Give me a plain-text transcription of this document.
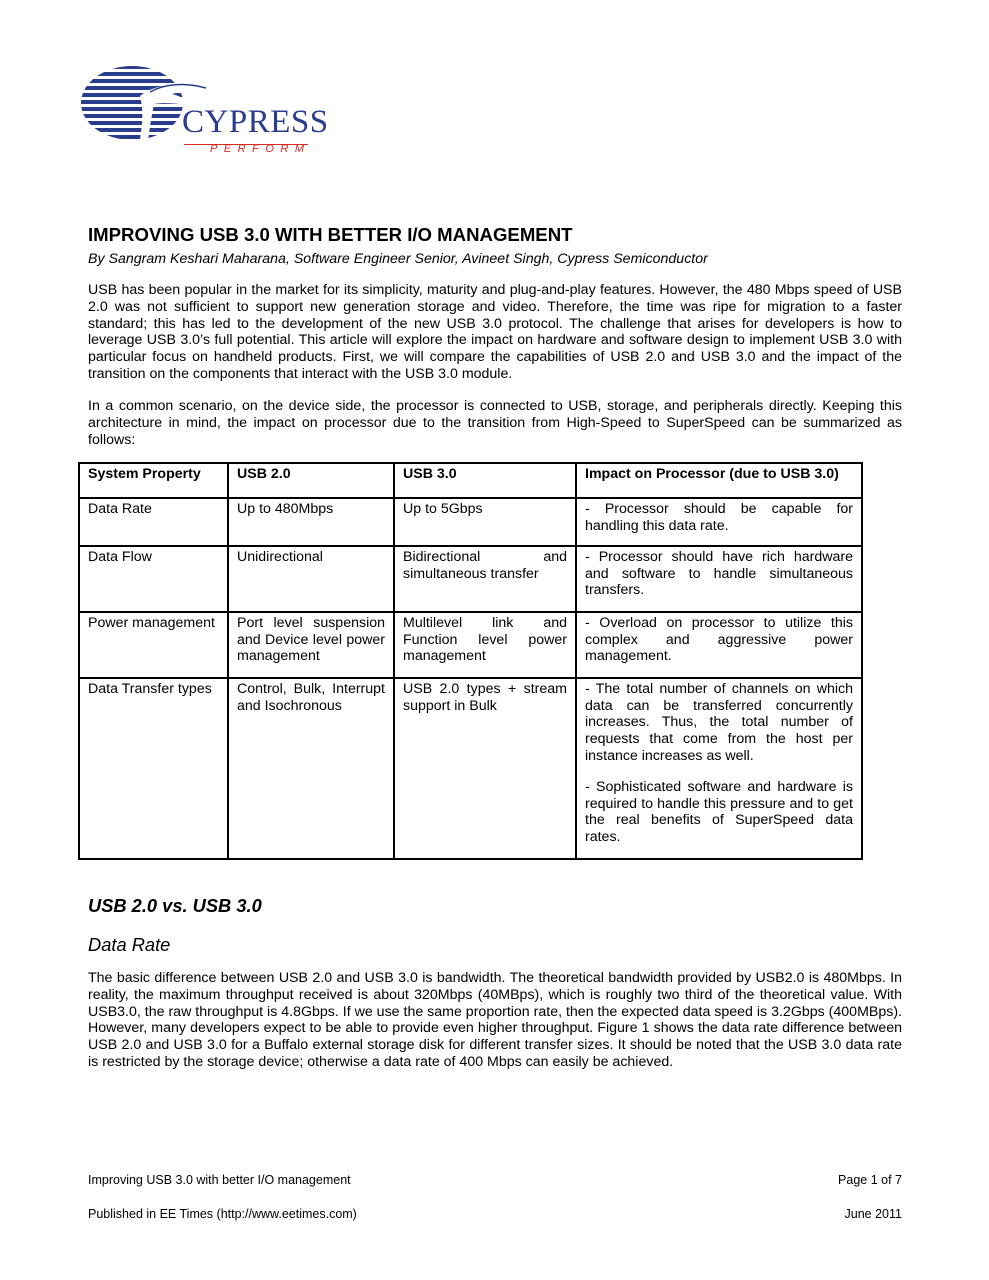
CYPRESS
PERFORM
IMPROVING USB 3.0 WITH BETTER I/O MANAGEMENT

By Sangram Keshari Maharana, Software Engineer Senior, Avineet Singh, Cypress Semiconductor

USB has been popular in the market for its simplicity, maturity and plug-and-play features. However, the 480 Mbps speed of USB 2.0 was not sufficient to support new generation storage and video. Therefore, the time was ripe for migration to a faster standard; this has led to the development of the new USB 3.0 protocol. The challenge that arises for developers is how to leverage USB 3.0’s full potential. This article will explore the impact on hardware and software design to implement USB 3.0 with particular focus on handheld products. First, we will compare the capabilities of USB 2.0 and USB 3.0 and the impact of the transition on the components that interact with the USB 3.0 module.

In a common scenario, on the device side, the processor is connected to USB, storage, and peripherals directly. Keeping this architecture in mind, the impact on processor due to the transition from High-Speed to SuperSpeed can be summarized as follows:

System Property	USB 2.0	USB 3.0	Impact on Processor (due to USB 3.0)
Data Rate	Up to 480Mbps	Up to 5Gbps	- Processor should be capable for handling this data rate.
Data Flow	Unidirectional	Bidirectional and simultaneous transfer	- Processor should have rich hardware and software to handle simultaneous transfers.
Power management	Port level suspension and Device level power management	Multilevel link and Function level power management	- Overload on processor to utilize this complex and aggressive power management.
Data Transfer types	Control, Bulk, Interrupt and Isochronous	USB 2.0 types + stream support in Bulk	- The total number of channels on which data can be transferred concurrently increases. Thus, the total number of requests that come from the host per instance increases as well.
- Sophisticated software and hardware is required to handle this pressure and to get the real benefits of SuperSpeed data rates.
USB 2.0 vs. USB 3.0
Data Rate

The basic difference between USB 2.0 and USB 3.0 is bandwidth. The theoretical bandwidth provided by USB2.0 is 480Mbps. In reality, the maximum throughput received is about 320Mbps (40MBps), which is roughly two third of the theoretical value. With USB3.0, the raw throughput is 4.8Gbps. If we use the same proportion rate, then the expected data speed is 3.2Gbps (400MBps). However, many developers expect to be able to provide even higher throughput. Figure 1 shows the data rate difference between USB 2.0 and USB 3.0 for a Buffalo external storage disk for different transfer sizes. It should be noted that the USB 3.0 data rate is restricted by the storage device; otherwise a data rate of 400 Mbps can easily be achieved.

Improving USB 3.0 with better I/O management	Page 1 of 7
Published in EE Times (http://www.eetimes.com)	June 2011
